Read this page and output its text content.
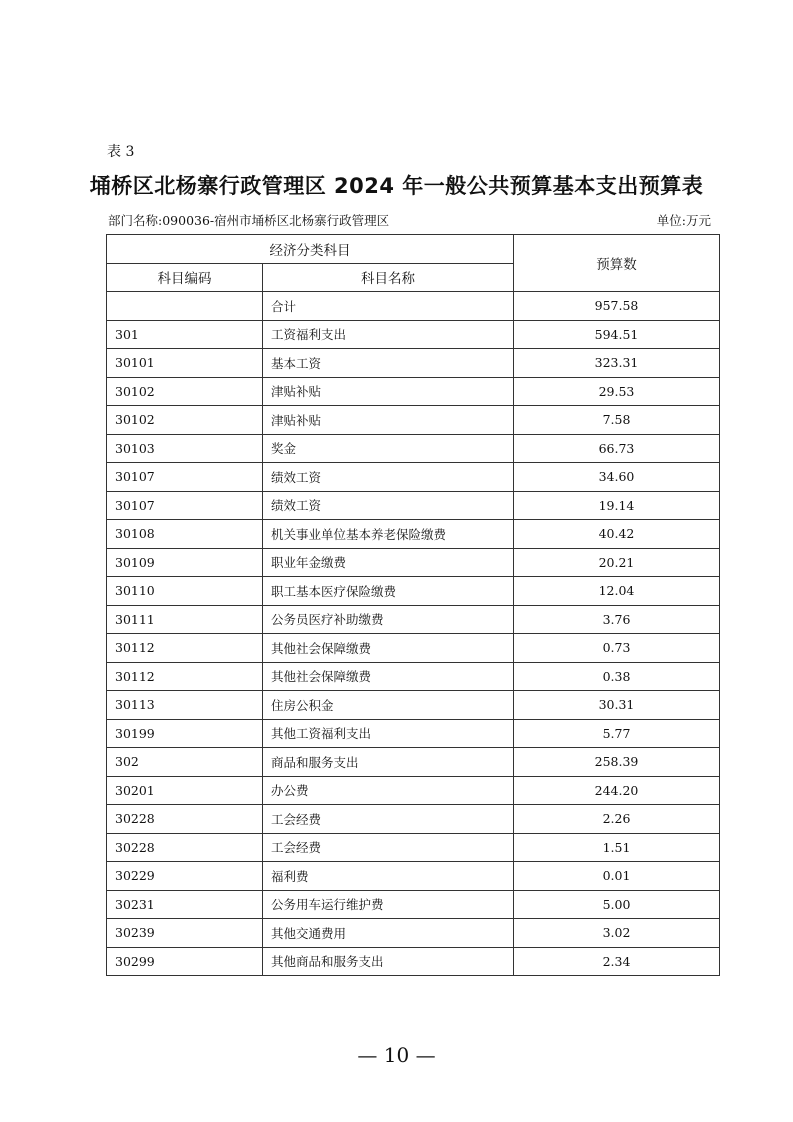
表 3
埇桥区北杨寨行政管理区 2024 年一般公共预算基本支出预算表
部门名称:090036-宿州市埇桥区北杨寨行政管理区	单位:万元
经济分类科目		预算数
科目编码	科目名称	
	合计	957.58
301	工资福利支出	594.51
30101	基本工资	323.31
30102	津贴补贴	29.53
30102	津贴补贴	7.58
30103	奖金	66.73
30107	绩效工资	34.60
30107	绩效工资	19.14
30108	机关事业单位基本养老保险缴费	40.42
30109	职业年金缴费	20.21
30110	职工基本医疗保险缴费	12.04
30111	公务员医疗补助缴费	3.76
30112	其他社会保障缴费	0.73
30112	其他社会保障缴费	0.38
30113	住房公积金	30.31
30199	其他工资福利支出	5.77
302	商品和服务支出	258.39
30201	办公费	244.20
30228	工会经费	2.26
30228	工会经费	1.51
30229	福利费	0.01
30231	公务用车运行维护费	5.00
30239	其他交通费用	3.02
30299	其他商品和服务支出	2.34
— 10 —
